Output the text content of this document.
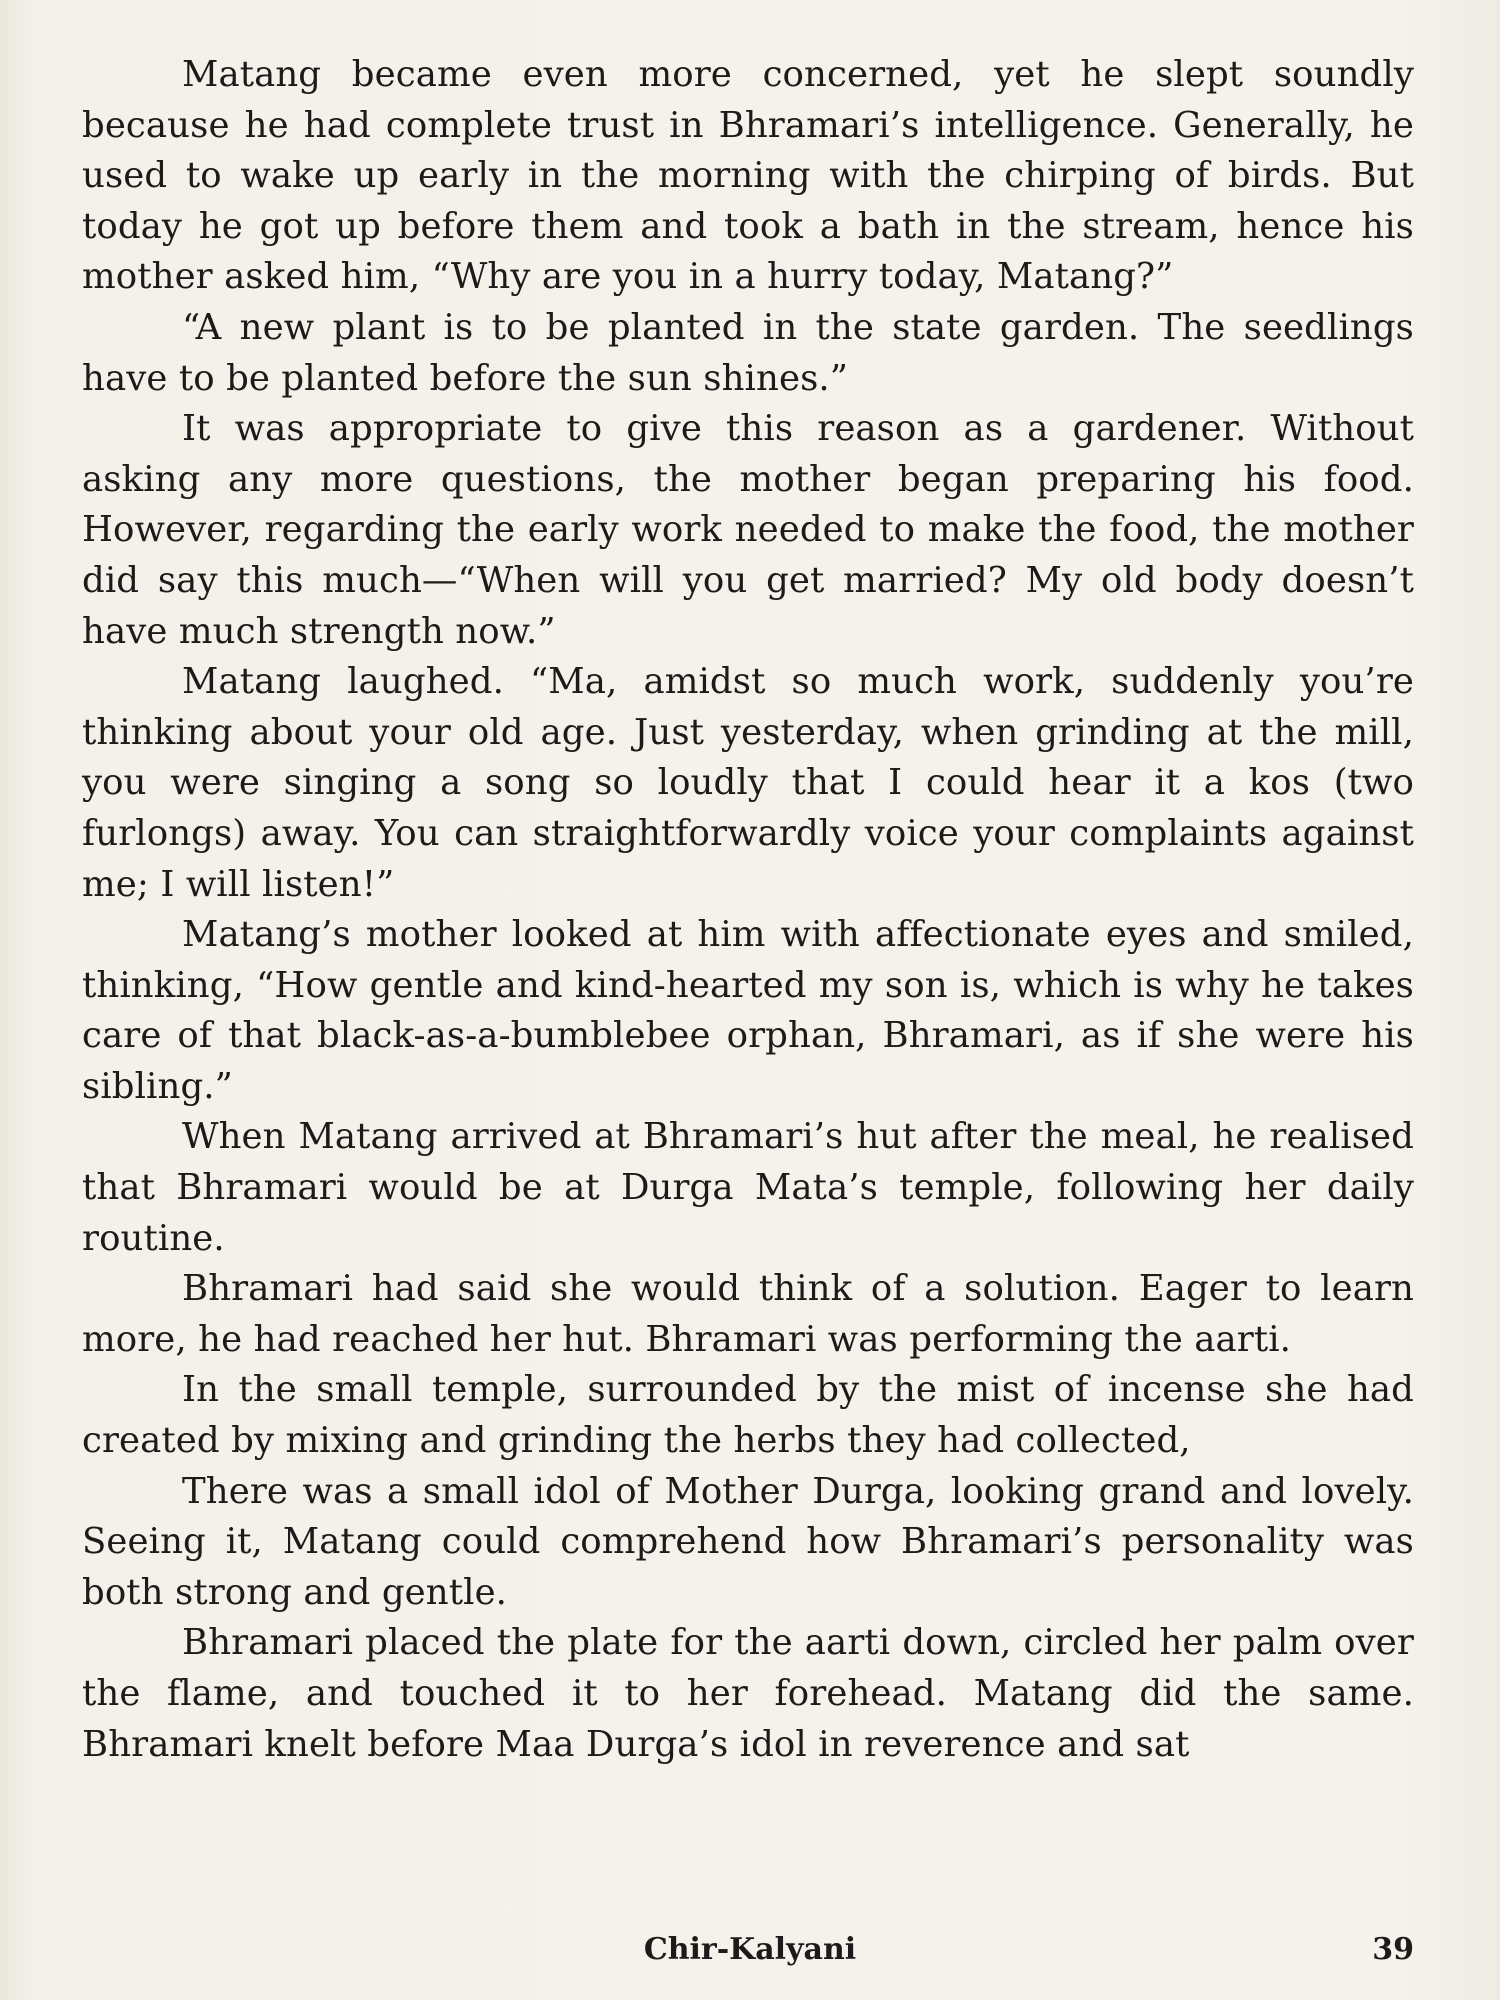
Matang became even more concerned, yet he slept soundly because he had complete trust in Bhramari’s intelligence. Generally, he used to wake up early in the morning with the chirping of birds. But today he got up before them and took a bath in the stream, hence his mother asked him, “Why are you in a hurry today, Matang?”

“A new plant is to be planted in the state garden. The seedlings have to be planted before the sun shines.”

It was appropriate to give this reason as a gardener. Without asking any more questions, the mother began preparing his food. However, regarding the early work needed to make the food, the mother did say this much—“When will you get married? My old body doesn’t have much strength now.”

Matang laughed. “Ma, amidst so much work, suddenly you’re thinking about your old age. Just yesterday, when grinding at the mill, you were singing a song so loudly that I could hear it a kos (two furlongs) away. You can straightforwardly voice your complaints against me; I will listen!”

Matang’s mother looked at him with affectionate eyes and smiled, thinking, “How gentle and kind-hearted my son is, which is why he takes care of that black-as-a-bumblebee orphan, Bhramari, as if she were his sibling.”

When Matang arrived at Bhramari’s hut after the meal, he realised that Bhramari would be at Durga Mata’s temple, following her daily routine.

Bhramari had said she would think of a solution. Eager to learn more, he had reached her hut. Bhramari was performing the aarti.

In the small temple, surrounded by the mist of incense she had created by mixing and grinding the herbs they had collected,

There was a small idol of Mother Durga, looking grand and lovely. Seeing it, Matang could comprehend how Bhramari’s personality was both strong and gentle.

Bhramari placed the plate for the aarti down, circled her palm over the flame, and touched it to her forehead. Matang did the same. Bhramari knelt before Maa Durga’s idol in reverence and sat

Chir-Kalyani	39
